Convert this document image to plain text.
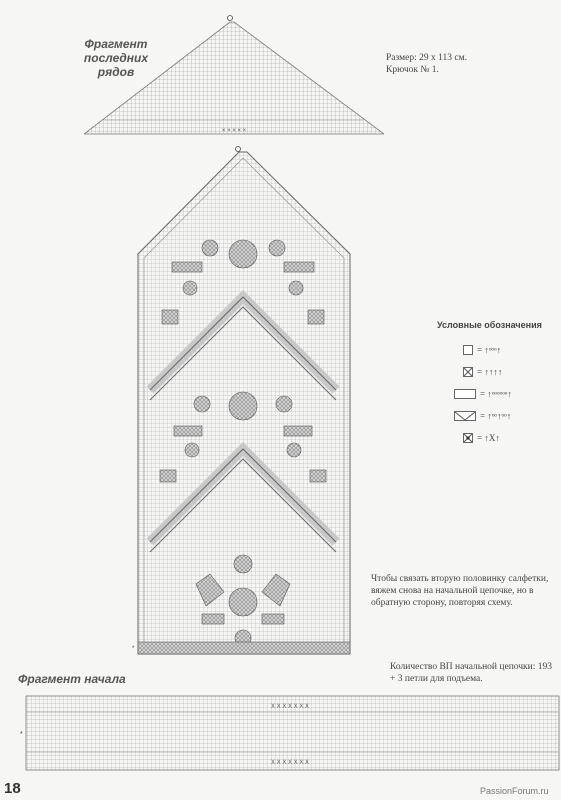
Фрагмент последних рядов
Размер: 29 х 113 см.
Крючок № 1.
× × × × ×
*
Условные обозначения
= ↑ᵒᵒᵒ↑
= ↑↑↑↑
= ↑ᵒᵒᵒᵒᵒᵒ↑
= ↑ᵒᵒ↑ᵒᵒ↑
= ↑X↑
Чтобы связать вторую половинку салфетки, вяжем снова на начальной цепочке, но в обратную сторону, повторяя схему.
Количество ВП начальной цепочки: 193 + 3 петли для подъема.
Фрагмент начала
X X X X X X X
X X X X X X X
*
18	PassionForum.ru
